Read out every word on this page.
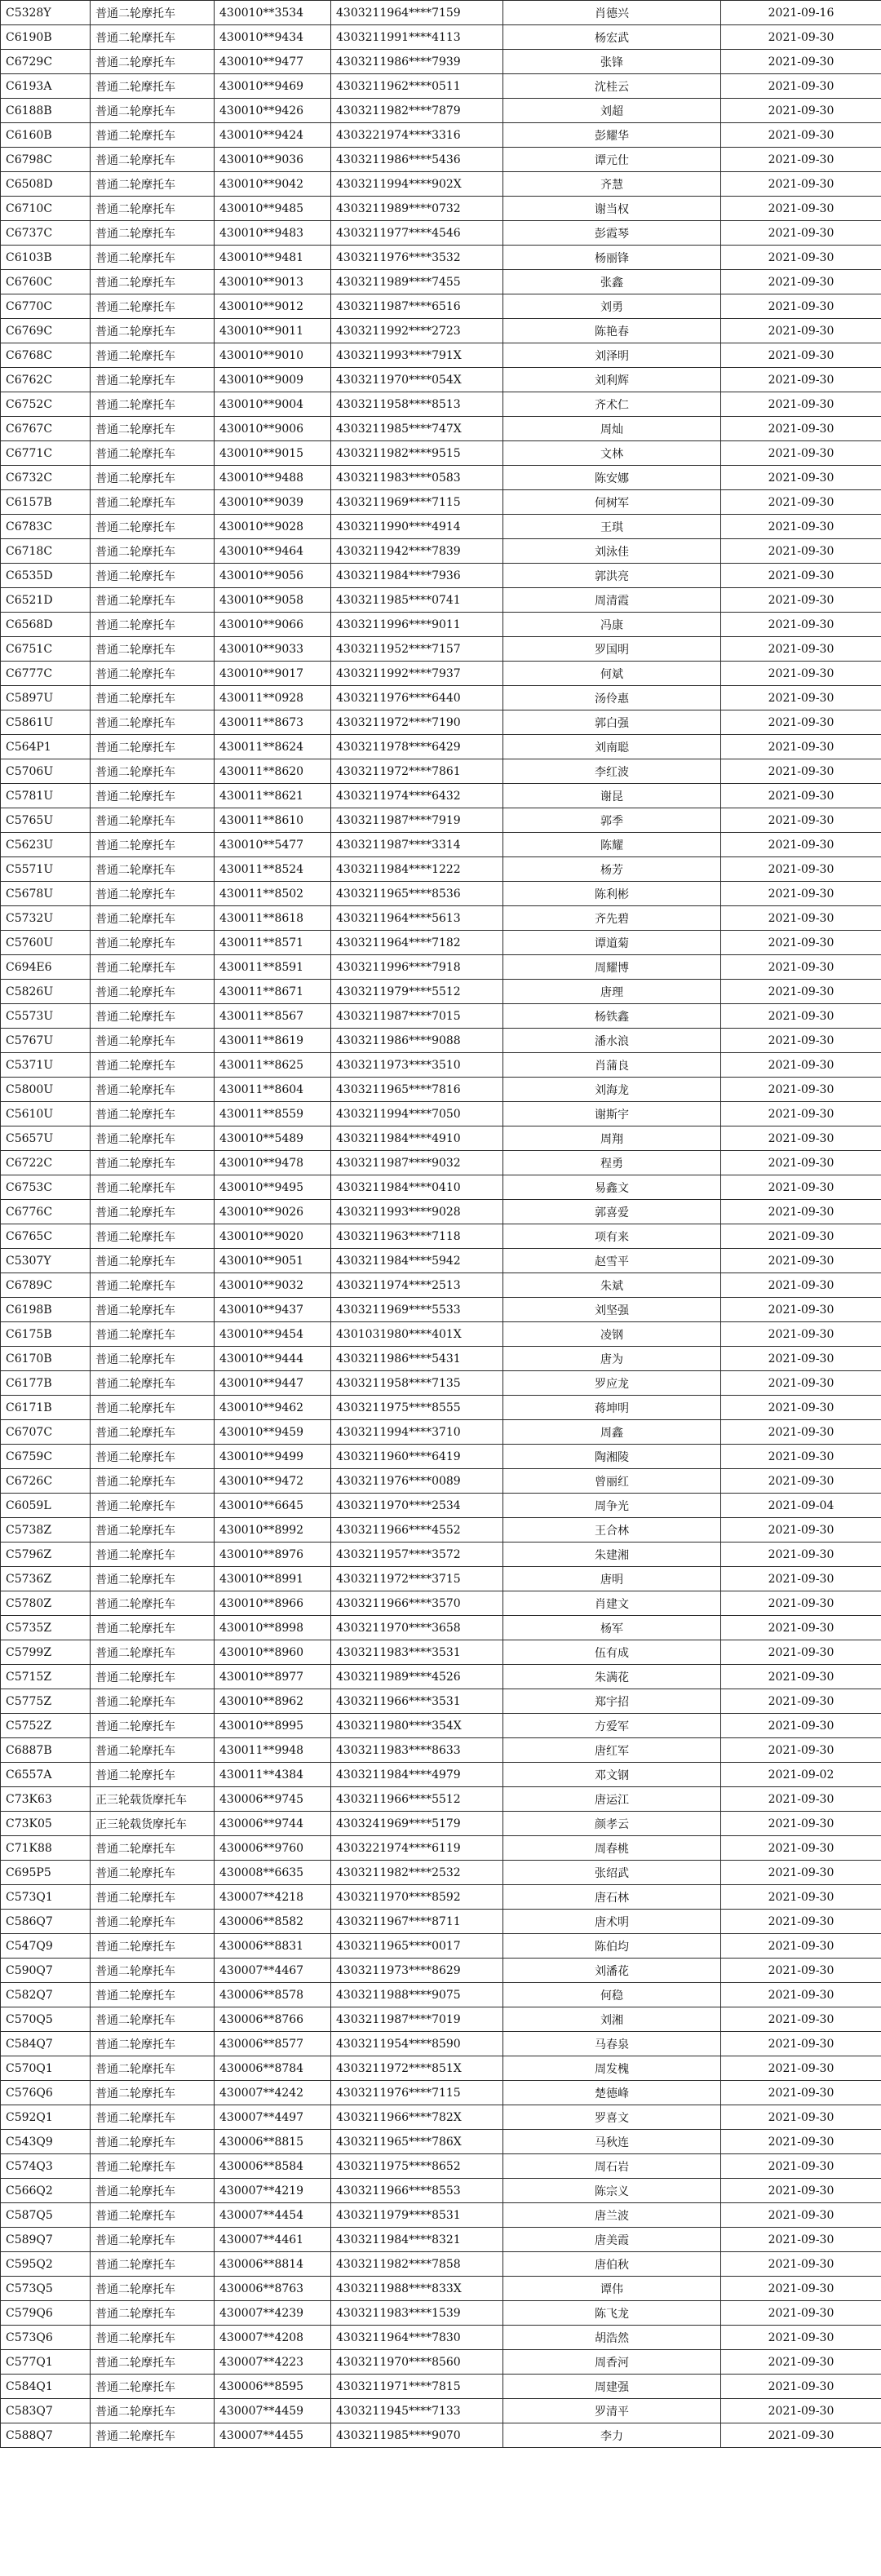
C5328Y	普通二轮摩托车	430010**3534	4303211964****7159	肖德兴	2021-09-16
C6190B	普通二轮摩托车	430010**9434	4303211991****4113	杨宏武	2021-09-30
C6729C	普通二轮摩托车	430010**9477	4303211986****7939	张锋	2021-09-30
C6193A	普通二轮摩托车	430010**9469	4303211962****0511	沈桂云	2021-09-30
C6188B	普通二轮摩托车	430010**9426	4303211982****7879	刘超	2021-09-30
C6160B	普通二轮摩托车	430010**9424	4303221974****3316	彭耀华	2021-09-30
C6798C	普通二轮摩托车	430010**9036	4303211986****5436	谭元仕	2021-09-30
C6508D	普通二轮摩托车	430010**9042	4303211994****902X	齐慧	2021-09-30
C6710C	普通二轮摩托车	430010**9485	4303211989****0732	谢当权	2021-09-30
C6737C	普通二轮摩托车	430010**9483	4303211977****4546	彭霞琴	2021-09-30
C6103B	普通二轮摩托车	430010**9481	4303211976****3532	杨丽锋	2021-09-30
C6760C	普通二轮摩托车	430010**9013	4303211989****7455	张鑫	2021-09-30
C6770C	普通二轮摩托车	430010**9012	4303211987****6516	刘勇	2021-09-30
C6769C	普通二轮摩托车	430010**9011	4303211992****2723	陈艳春	2021-09-30
C6768C	普通二轮摩托车	430010**9010	4303211993****791X	刘泽明	2021-09-30
C6762C	普通二轮摩托车	430010**9009	4303211970****054X	刘利辉	2021-09-30
C6752C	普通二轮摩托车	430010**9004	4303211958****8513	齐术仁	2021-09-30
C6767C	普通二轮摩托车	430010**9006	4303211985****747X	周灿	2021-09-30
C6771C	普通二轮摩托车	430010**9015	4303211982****9515	文林	2021-09-30
C6732C	普通二轮摩托车	430010**9488	4303211983****0583	陈安娜	2021-09-30
C6157B	普通二轮摩托车	430010**9039	4303211969****7115	何树军	2021-09-30
C6783C	普通二轮摩托车	430010**9028	4303211990****4914	王琪	2021-09-30
C6718C	普通二轮摩托车	430010**9464	4303211942****7839	刘泳佳	2021-09-30
C6535D	普通二轮摩托车	430010**9056	4303211984****7936	郭洪亮	2021-09-30
C6521D	普通二轮摩托车	430010**9058	4303211985****0741	周清霞	2021-09-30
C6568D	普通二轮摩托车	430010**9066	4303211996****9011	冯康	2021-09-30
C6751C	普通二轮摩托车	430010**9033	4303211952****7157	罗国明	2021-09-30
C6777C	普通二轮摩托车	430010**9017	4303211992****7937	何斌	2021-09-30
C5897U	普通二轮摩托车	430011**0928	4303211976****6440	汤伶惠	2021-09-30
C5861U	普通二轮摩托车	430011**8673	4303211972****7190	郭白强	2021-09-30
C564P1	普通二轮摩托车	430011**8624	4303211978****6429	刘南聪	2021-09-30
C5706U	普通二轮摩托车	430011**8620	4303211972****7861	李红波	2021-09-30
C5781U	普通二轮摩托车	430011**8621	4303211974****6432	谢昆	2021-09-30
C5765U	普通二轮摩托车	430011**8610	4303211987****7919	郭季	2021-09-30
C5623U	普通二轮摩托车	430010**5477	4303211987****3314	陈耀	2021-09-30
C5571U	普通二轮摩托车	430011**8524	4303211984****1222	杨芳	2021-09-30
C5678U	普通二轮摩托车	430011**8502	4303211965****8536	陈利彬	2021-09-30
C5732U	普通二轮摩托车	430011**8618	4303211964****5613	齐先碧	2021-09-30
C5760U	普通二轮摩托车	430011**8571	4303211964****7182	谭道菊	2021-09-30
C694E6	普通二轮摩托车	430011**8591	4303211996****7918	周耀博	2021-09-30
C5826U	普通二轮摩托车	430011**8671	4303211979****5512	唐理	2021-09-30
C5573U	普通二轮摩托车	430011**8567	4303211987****7015	杨铁鑫	2021-09-30
C5767U	普通二轮摩托车	430011**8619	4303211986****9088	潘水浪	2021-09-30
C5371U	普通二轮摩托车	430011**8625	4303211973****3510	肖蒲良	2021-09-30
C5800U	普通二轮摩托车	430011**8604	4303211965****7816	刘海龙	2021-09-30
C5610U	普通二轮摩托车	430011**8559	4303211994****7050	谢斯宇	2021-09-30
C5657U	普通二轮摩托车	430010**5489	4303211984****4910	周翔	2021-09-30
C6722C	普通二轮摩托车	430010**9478	4303211987****9032	程勇	2021-09-30
C6753C	普通二轮摩托车	430010**9495	4303211984****0410	易鑫文	2021-09-30
C6776C	普通二轮摩托车	430010**9026	4303211993****9028	郭喜爱	2021-09-30
C6765C	普通二轮摩托车	430010**9020	4303211963****7118	项有来	2021-09-30
C5307Y	普通二轮摩托车	430010**9051	4303211984****5942	赵雪平	2021-09-30
C6789C	普通二轮摩托车	430010**9032	4303211974****2513	朱斌	2021-09-30
C6198B	普通二轮摩托车	430010**9437	4303211969****5533	刘坚强	2021-09-30
C6175B	普通二轮摩托车	430010**9454	4301031980****401X	凌钢	2021-09-30
C6170B	普通二轮摩托车	430010**9444	4303211986****5431	唐为	2021-09-30
C6177B	普通二轮摩托车	430010**9447	4303211958****7135	罗应龙	2021-09-30
C6171B	普通二轮摩托车	430010**9462	4303211975****8555	蒋坤明	2021-09-30
C6707C	普通二轮摩托车	430010**9459	4303211994****3710	周鑫	2021-09-30
C6759C	普通二轮摩托车	430010**9499	4303211960****6419	陶湘陵	2021-09-30
C6726C	普通二轮摩托车	430010**9472	4303211976****0089	曾丽红	2021-09-30
C6059L	普通二轮摩托车	430010**6645	4303211970****2534	周争光	2021-09-04
C5738Z	普通二轮摩托车	430010**8992	4303211966****4552	王合林	2021-09-30
C5796Z	普通二轮摩托车	430010**8976	4303211957****3572	朱建湘	2021-09-30
C5736Z	普通二轮摩托车	430010**8991	4303211972****3715	唐明	2021-09-30
C5780Z	普通二轮摩托车	430010**8966	4303211966****3570	肖建文	2021-09-30
C5735Z	普通二轮摩托车	430010**8998	4303211970****3658	杨军	2021-09-30
C5799Z	普通二轮摩托车	430010**8960	4303211983****3531	伍有成	2021-09-30
C5715Z	普通二轮摩托车	430010**8977	4303211989****4526	朱满花	2021-09-30
C5775Z	普通二轮摩托车	430010**8962	4303211966****3531	郑宇招	2021-09-30
C5752Z	普通二轮摩托车	430010**8995	4303211980****354X	方爱军	2021-09-30
C6887B	普通二轮摩托车	430011**9948	4303211983****8633	唐红军	2021-09-30
C6557A	普通二轮摩托车	430011**4384	4303211984****4979	邓文钢	2021-09-02
C73K63	正三轮载货摩托车	430006**9745	4303211966****5512	唐运江	2021-09-30
C73K05	正三轮载货摩托车	430006**9744	4303241969****5179	颜孝云	2021-09-30
C71K88	普通二轮摩托车	430006**9760	4303221974****6119	周春桃	2021-09-30
C695P5	普通二轮摩托车	430008**6635	4303211982****2532	张绍武	2021-09-30
C573Q1	普通二轮摩托车	430007**4218	4303211970****8592	唐石林	2021-09-30
C586Q7	普通二轮摩托车	430006**8582	4303211967****8711	唐术明	2021-09-30
C547Q9	普通二轮摩托车	430006**8831	4303211965****0017	陈伯均	2021-09-30
C590Q7	普通二轮摩托车	430007**4467	4303211973****8629	刘潘花	2021-09-30
C582Q7	普通二轮摩托车	430006**8578	4303211988****9075	何稳	2021-09-30
C570Q5	普通二轮摩托车	430006**8766	4303211987****7019	刘湘	2021-09-30
C584Q7	普通二轮摩托车	430006**8577	4303211954****8590	马春泉	2021-09-30
C570Q1	普通二轮摩托车	430006**8784	4303211972****851X	周发槐	2021-09-30
C576Q6	普通二轮摩托车	430007**4242	4303211976****7115	楚德峰	2021-09-30
C592Q1	普通二轮摩托车	430007**4497	4303211966****782X	罗喜文	2021-09-30
C543Q9	普通二轮摩托车	430006**8815	4303211965****786X	马秋连	2021-09-30
C574Q3	普通二轮摩托车	430006**8584	4303211975****8652	周石岩	2021-09-30
C566Q2	普通二轮摩托车	430007**4219	4303211966****8553	陈宗义	2021-09-30
C587Q5	普通二轮摩托车	430007**4454	4303211979****8531	唐兰波	2021-09-30
C589Q7	普通二轮摩托车	430007**4461	4303211984****8321	唐美霞	2021-09-30
C595Q2	普通二轮摩托车	430006**8814	4303211982****7858	唐伯秋	2021-09-30
C573Q5	普通二轮摩托车	430006**8763	4303211988****833X	谭伟	2021-09-30
C579Q6	普通二轮摩托车	430007**4239	4303211983****1539	陈飞龙	2021-09-30
C573Q6	普通二轮摩托车	430007**4208	4303211964****7830	胡浩然	2021-09-30
C577Q1	普通二轮摩托车	430007**4223	4303211970****8560	周香河	2021-09-30
C584Q1	普通二轮摩托车	430006**8595	4303211971****7815	周建强	2021-09-30
C583Q7	普通二轮摩托车	430007**4459	4303211945****7133	罗清平	2021-09-30
C588Q7	普通二轮摩托车	430007**4455	4303211985****9070	李力	2021-09-30
